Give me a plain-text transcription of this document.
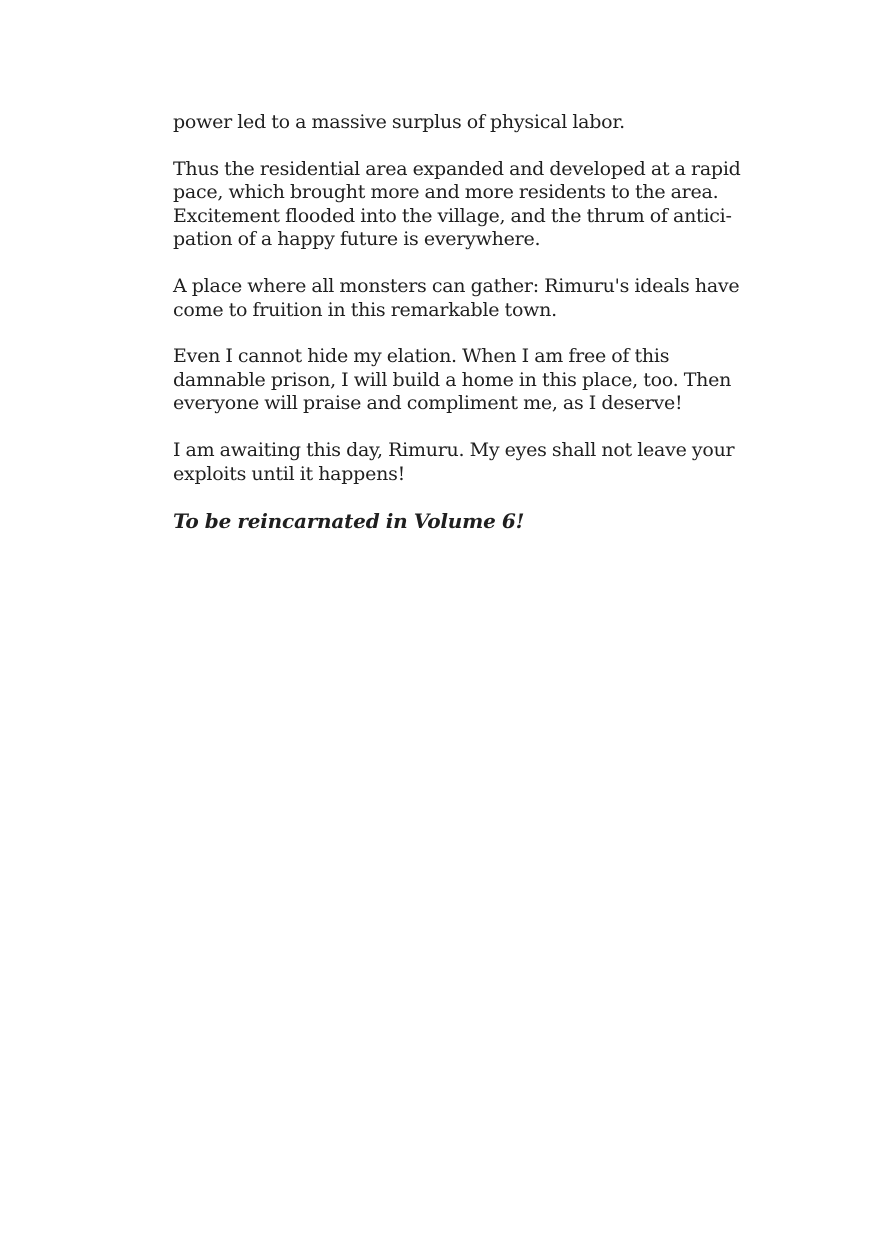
power led to a massive surplus of physical labor.

Thus the residential area expanded and developed at a rapid
pace, which brought more and more residents to the area.
Excitement flooded into the village, and the thrum of antici-
pation of a happy future is everywhere.

A place where all monsters can gather: Rimuru's ideals have
come to fruition in this remarkable town.

Even I cannot hide my elation. When I am free of this
damnable prison, I will build a home in this place, too. Then
everyone will praise and compliment me, as I deserve!

I am awaiting this day, Rimuru. My eyes shall not leave your
exploits until it happens!

To be reincarnated in Volume 6!
